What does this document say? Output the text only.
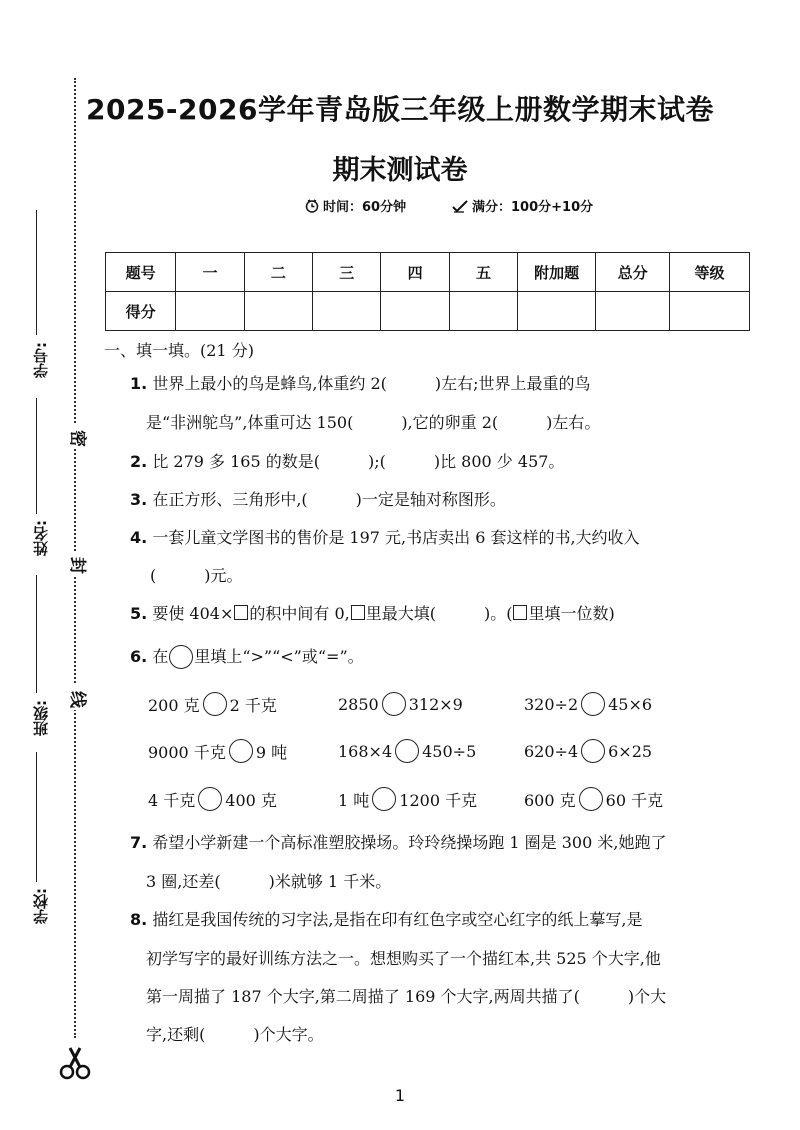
学号:
姓名:
班级:
学校:
密
封
线
2025-2026学年青岛版三年级上册数学期末试卷
期末测试卷
时间：60分钟	满分：100分+10分
题号	一	二	三	四	五	附加题	总分	等级
得分								
一、填一填。(21 分)
1. 世界上最小的鸟是蜂鸟,体重约 2(　　　)左右;世界上最重的鸟
是“非洲鸵鸟”,体重可达 150(　　　),它的卵重 2(　　　)左右。
2. 比 279 多 165 的数是(　　　);(　　　)比 800 少 457。
3. 在正方形、三角形中,(　　　)一定是轴对称图形。
4. 一套儿童文学图书的售价是 197 元,书店卖出 6 套这样的书,大约收入
(　　　)元。
5. 要使 404× 的积中间有 0, 里最大填(　　　)。( 里填一位数)
6.
在 里填上“>”“<”或“=”。
200 克 2 千克	2850 312×9	320÷2 45×6
9000 千克 9 吨	168×4 450÷5	620÷4 6×25
4 千克 400 克	1 吨 1200 千克	600 克 60 千克
7. 希望小学新建一个高标准塑胶操场。玲玲绕操场跑 1 圈是 300 米,她跑了
3 圈,还差(　　　)米就够 1 千米。
8. 描红是我国传统的习字法,是指在印有红色字或空心红字的纸上摹写,是
初学写字的最好训练方法之一。想想购买了一个描红本,共 525 个大字,他
第一周描了 187 个大字,第二周描了 169 个大字,两周共描了(　　　)个大
字,还剩(　　　)个大字。
1
